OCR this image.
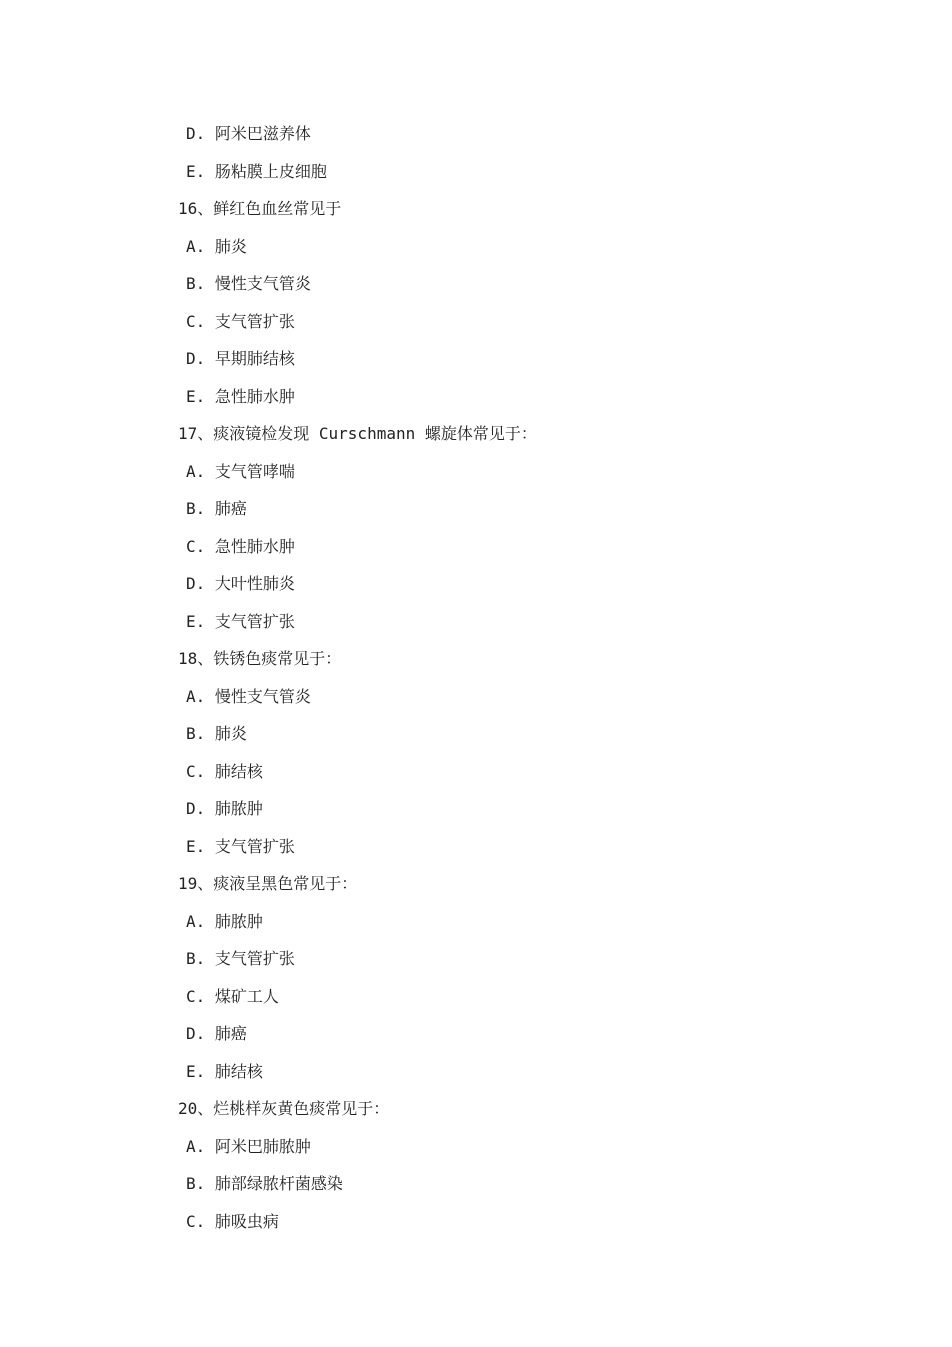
D. 阿米巴滋养体
E. 肠粘膜上皮细胞
16、鲜红色血丝常见于
A. 肺炎
B. 慢性支气管炎
C. 支气管扩张
D. 早期肺结核
E. 急性肺水肿
17、痰液镜检发现 Curschmann 螺旋体常见于：
A. 支气管哮喘
B. 肺癌
C. 急性肺水肿
D. 大叶性肺炎
E. 支气管扩张
18、铁锈色痰常见于：
A. 慢性支气管炎
B. 肺炎
C. 肺结核
D. 肺脓肿
E. 支气管扩张
19、痰液呈黑色常见于：
A. 肺脓肿
B. 支气管扩张
C. 煤矿工人
D. 肺癌
E. 肺结核
20、烂桃样灰黄色痰常见于：
A. 阿米巴肺脓肿
B. 肺部绿脓杆菌感染
C. 肺吸虫病
